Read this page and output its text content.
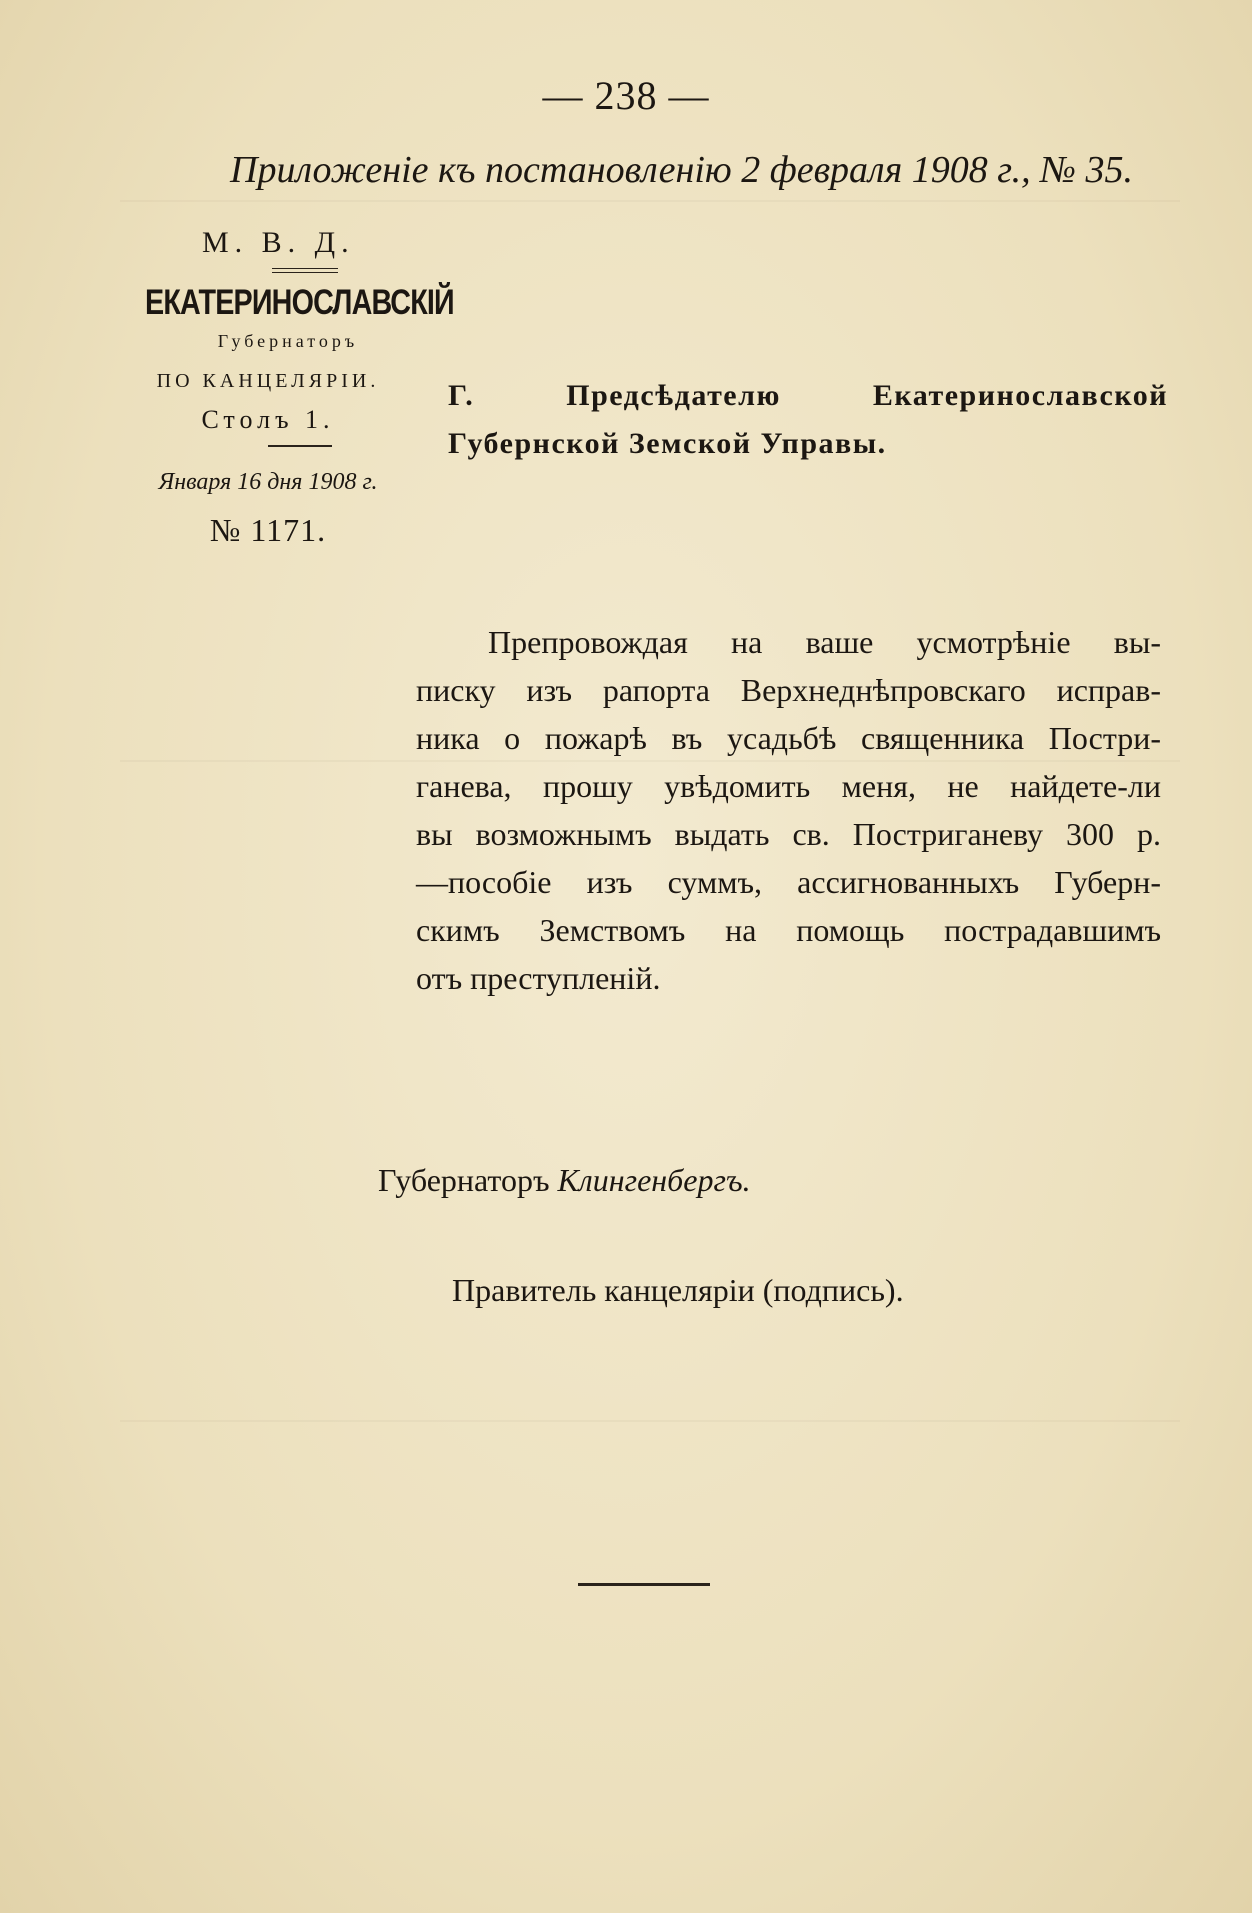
— 238 —
Приложеніе къ постановленію 2 февраля 1908 г., № 35.
М. В. Д.
ЕКАТЕРИНОСЛАВСКІЙ
Губернаторъ
ПО КАНЦЕЛЯРІИ.
Столъ 1.
Января 16 дня 1908 г.
№ 1171.
Г. Предсѣдателю Екатеринославской
Губернской Земской Управы.
Препровождая на ваше усмотрѣніе вы-
писку изъ рапорта Верхнеднѣпровскаго исправ-
ника о пожарѣ въ усадьбѣ священника Постри-
ганева, прошу увѣдомить меня, не найдете-ли
вы возможнымъ выдать св. Постриганеву 300 р.
—пособіе изъ суммъ, ассигнованныхъ Губерн-
скимъ Земствомъ на помощь пострадавшимъ
отъ преступленій.
Губернаторъ Клингенбергъ.
Правитель канцеляріи (подпись).
